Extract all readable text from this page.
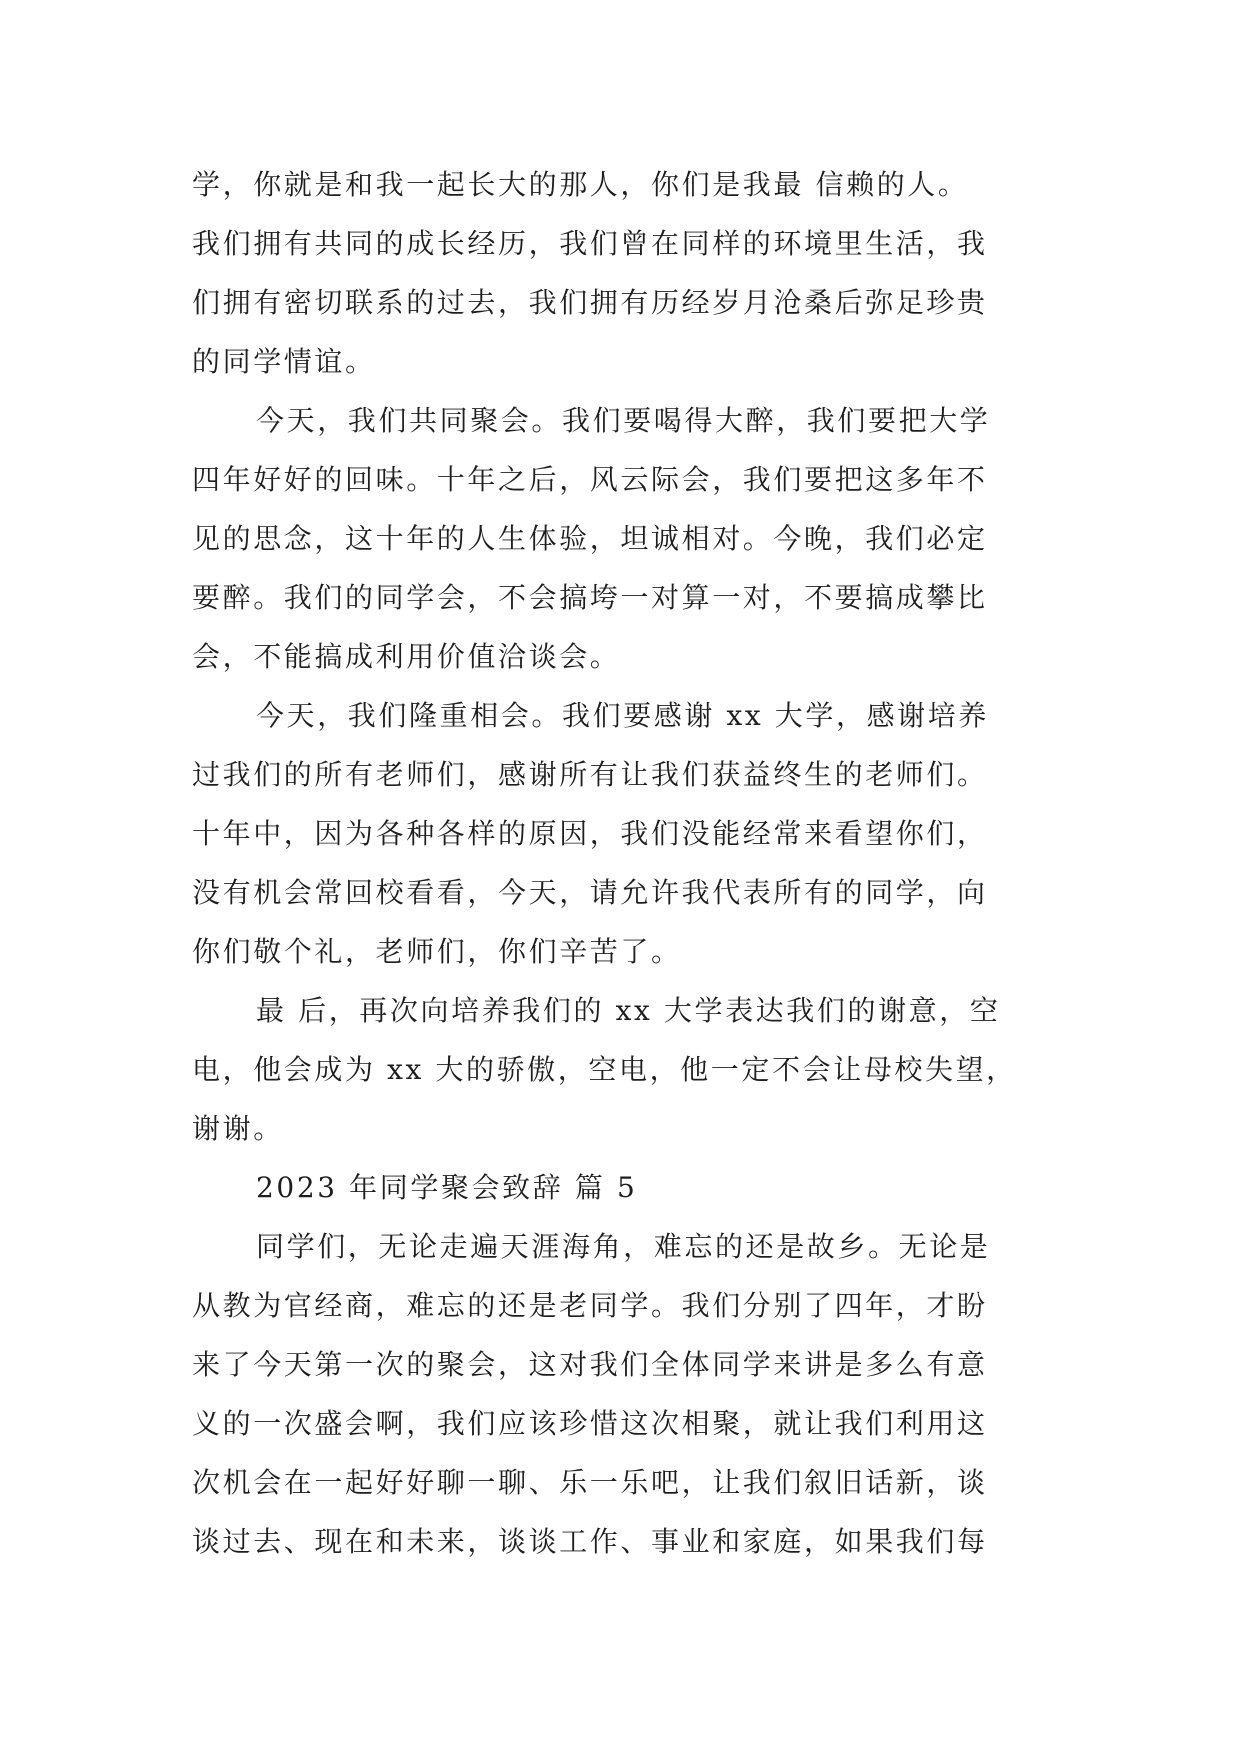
学，你就是和我一起长大的那人，你们是我最 信赖的人。
我们拥有共同的成长经历，我们曾在同样的环境里生活，我
们拥有密切联系的过去，我们拥有历经岁月沧桑后弥足珍贵
的同学情谊。
今天，我们共同聚会。我们要喝得大醉，我们要把大学
四年好好的回味。十年之后，风云际会，我们要把这多年不
见的思念，这十年的人生体验，坦诚相对。今晚，我们必定
要醉。我们的同学会，不会搞垮一对算一对，不要搞成攀比
会，不能搞成利用价值洽谈会。
今天，我们隆重相会。我们要感谢 xx 大学，感谢培养
过我们的所有老师们，感谢所有让我们获益终生的老师们。
十年中，因为各种各样的原因，我们没能经常来看望你们，
没有机会常回校看看，今天，请允许我代表所有的同学，向
你们敬个礼，老师们，你们辛苦了。
最 后，再次向培养我们的 xx 大学表达我们的谢意，空
电，他会成为 xx 大的骄傲，空电，他一定不会让母校失望，
谢谢。
2023 年同学聚会致辞 篇 5
同学们，无论走遍天涯海角，难忘的还是故乡。无论是
从教为官经商，难忘的还是老同学。我们分别了四年，才盼
来了今天第一次的聚会，这对我们全体同学来讲是多么有意
义的一次盛会啊，我们应该珍惜这次相聚，就让我们利用这
次机会在一起好好聊一聊、乐一乐吧，让我们叙旧话新，谈
谈过去、现在和未来，谈谈工作、事业和家庭，如果我们每
